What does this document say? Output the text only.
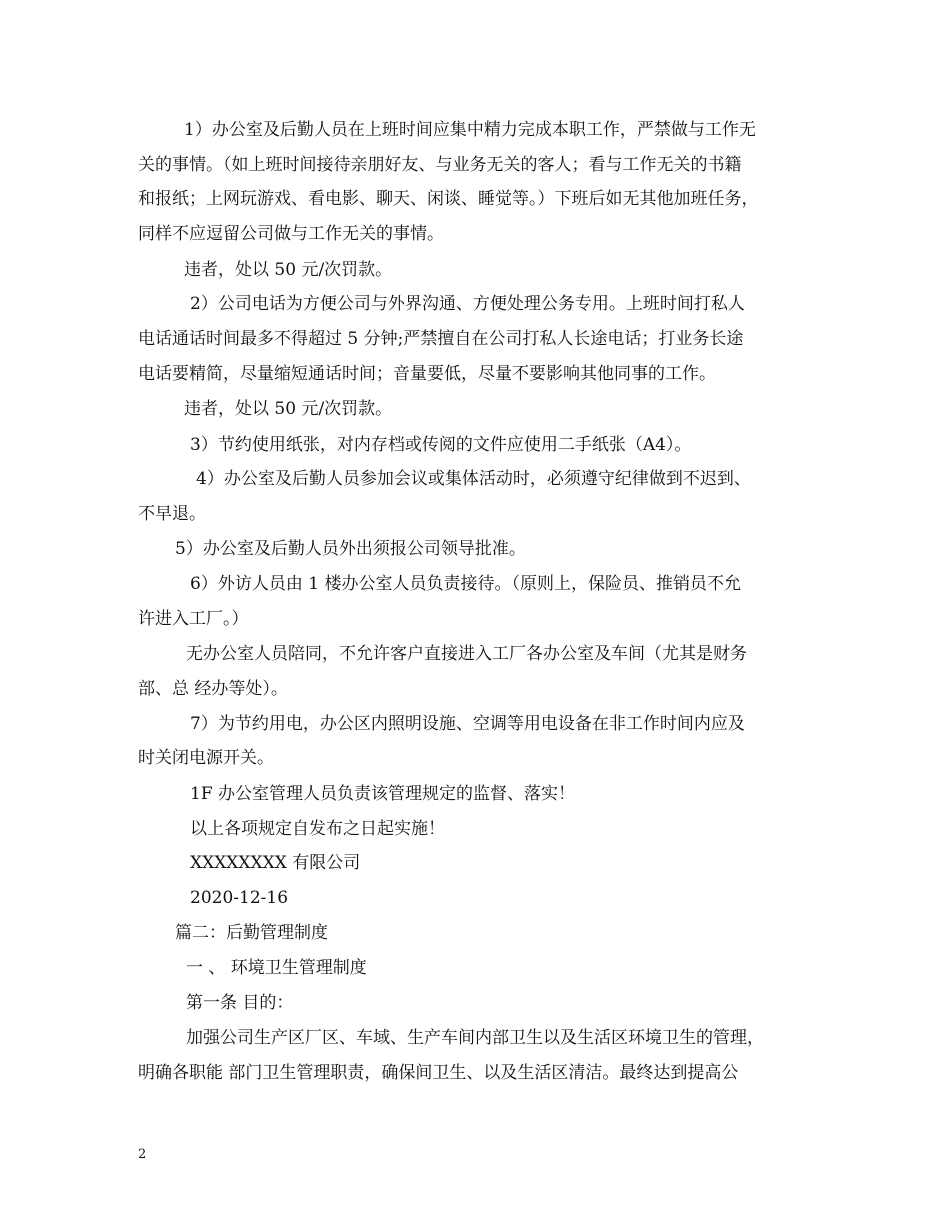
1）办公室及后勤人员在上班时间应集中精力完成本职工作，严禁做与工作无
关的事情。（如上班时间接待亲朋好友、与业务无关的客人；看与工作无关的书籍
和报纸；上网玩游戏、看电影、聊天、闲谈、睡觉等。）下班后如无其他加班任务，
同样不应逗留公司做与工作无关的事情。
违者，处以 50 元/次罚款。
2）公司电话为方便公司与外界沟通、方便处理公务专用。上班时间打私人
电话通话时间最多不得超过 5 分钟;严禁擅自在公司打私人长途电话；打业务长途
电话要精简，尽量缩短通话时间；音量要低，尽量不要影响其他同事的工作。
违者，处以 50 元/次罚款。
3）节约使用纸张，对内存档或传阅的文件应使用二手纸张（A4）。
4）办公室及后勤人员参加会议或集体活动时，必须遵守纪律做到不迟到、
不早退。
5）办公室及后勤人员外出须报公司领导批准。
6）外访人员由 1 楼办公室人员负责接待。（原则上，保险员、推销员不允
许进入工厂。）
无办公室人员陪同，不允许客户直接进入工厂各办公室及车间（尤其是财务
部、总 经办等处）。
7）为节约用电，办公区内照明设施、空调等用电设备在非工作时间内应及
时关闭电源开关。
1F 办公室管理人员负责该管理规定的监督、落实！
以上各项规定自发布之日起实施！
XXXXXXXX 有限公司
2020-12-16
篇二：后勤管理制度
一 、 环境卫生管理制度
第一条 目的：
加强公司生产区厂区、车域、生产车间内部卫生以及生活区环境卫生的管理，
明确各职能 部门卫生管理职责，确保间卫生、以及生活区清洁。最终达到提高公
2
